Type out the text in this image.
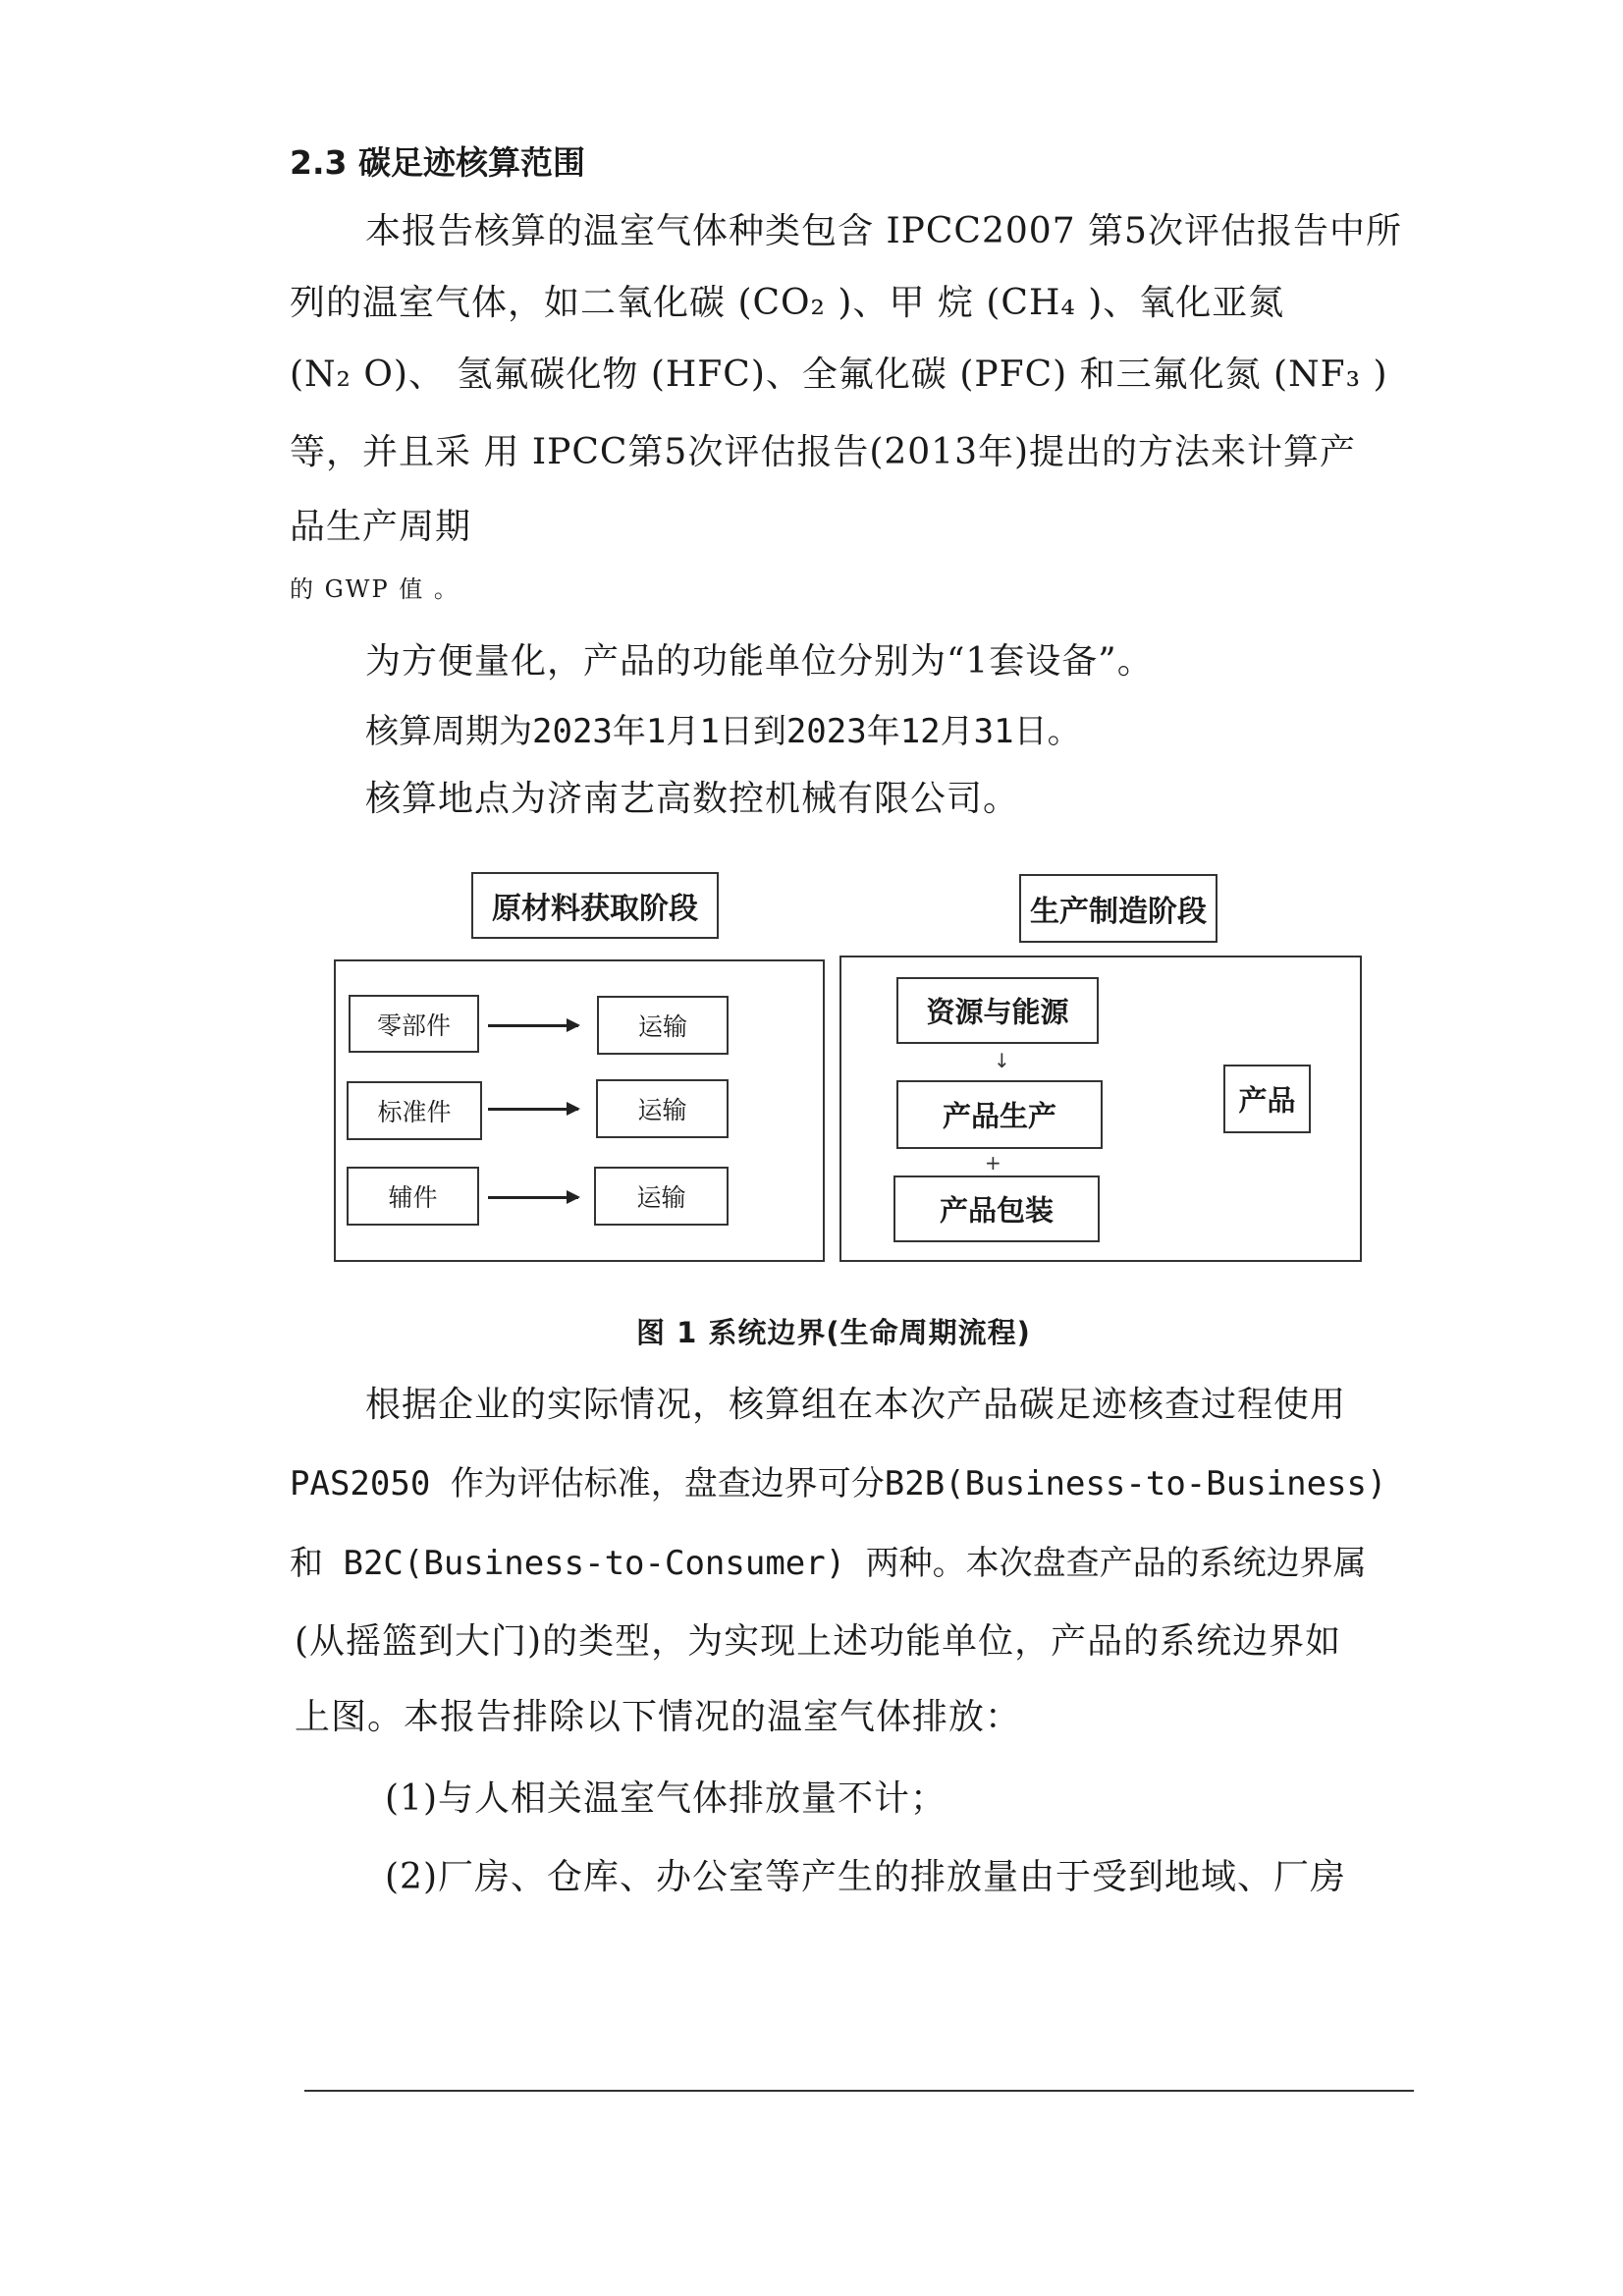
2.3 碳足迹核算范围
本报告核算的温室气体种类包含 IPCC2007 第5次评估报告中所
列的温室气体，如二氧化碳 (CO₂ )、甲 烷 (CH₄ )、氧化亚氮
(N₂ O)、 氢氟碳化物 (HFC)、全氟化碳 (PFC) 和三氟化氮 (NF₃ )
等，并且采 用 IPCC第5次评估报告(2013年)提出的方法来计算产
品生产周期
的 GWP 值 。
为方便量化，产品的功能单位分别为“1套设备”。
核算周期为2023年1月1日到2023年12月31日。
核算地点为济南艺高数控机械有限公司。
原材料获取阶段	生产制造阶段
零部件	运输
标准件	运输
辅件	运输
资源与能源
↓
产品生产
+
产品包装
产品
图 1 系统边界(生命周期流程)
根据企业的实际情况，核算组在本次产品碳足迹核查过程使用
PAS2050 作为评估标准，盘查边界可分B2B(Business-to-Business)
和 B2C(Business-to-Consumer) 两种。本次盘查产品的系统边界属
(从摇篮到大门)的类型，为实现上述功能单位，产品的系统边界如
上图。本报告排除以下情况的温室气体排放：
(1)与人相关温室气体排放量不计；
(2)厂房、仓库、办公室等产生的排放量由于受到地域、厂房
